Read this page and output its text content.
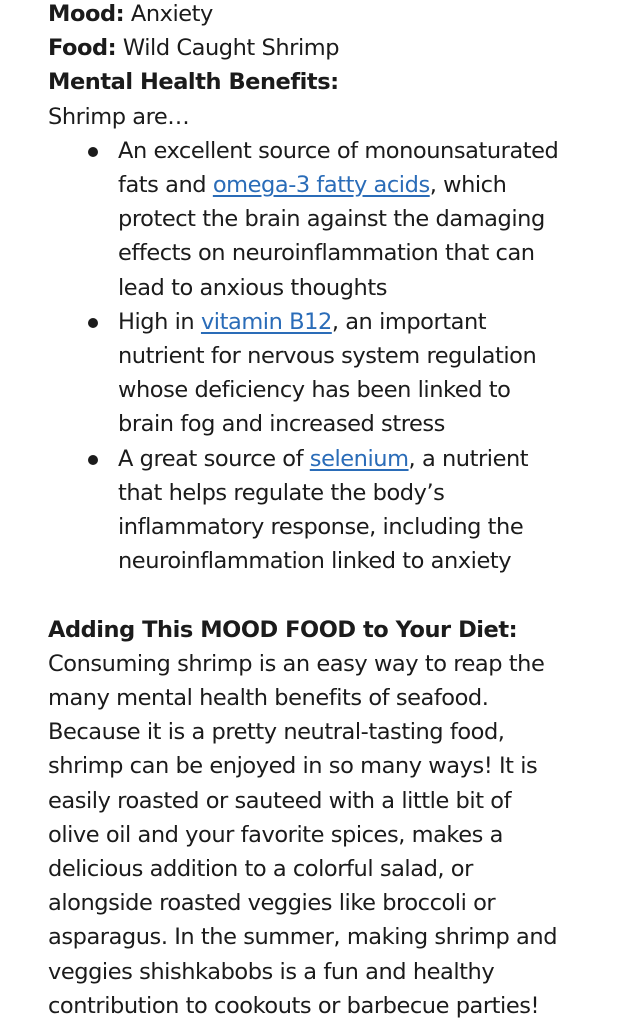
Mood: Anxiety
Food: Wild Caught Shrimp
Mental Health Benefits:
Shrimp are…
An excellent source of monounsaturated
fats and omega-3 fatty acids, which
protect the brain against the damaging
effects on neuroinflammation that can
lead to anxious thoughts
High in vitamin B12, an important
nutrient for nervous system regulation
whose deficiency has been linked to
brain fog and increased stress
A great source of selenium, a nutrient
that helps regulate the body’s
inflammatory response, including the
neuroinflammation linked to anxiety
Adding This MOOD FOOD to Your Diet:
Consuming shrimp is an easy way to reap the
many mental health benefits of seafood.
Because it is a pretty neutral-tasting food,
shrimp can be enjoyed in so many ways! It is
easily roasted or sauteed with a little bit of
olive oil and your favorite spices, makes a
delicious addition to a colorful salad, or
alongside roasted veggies like broccoli or
asparagus. In the summer, making shrimp and
veggies shishkabobs is a fun and healthy
contribution to cookouts or barbecue parties!
